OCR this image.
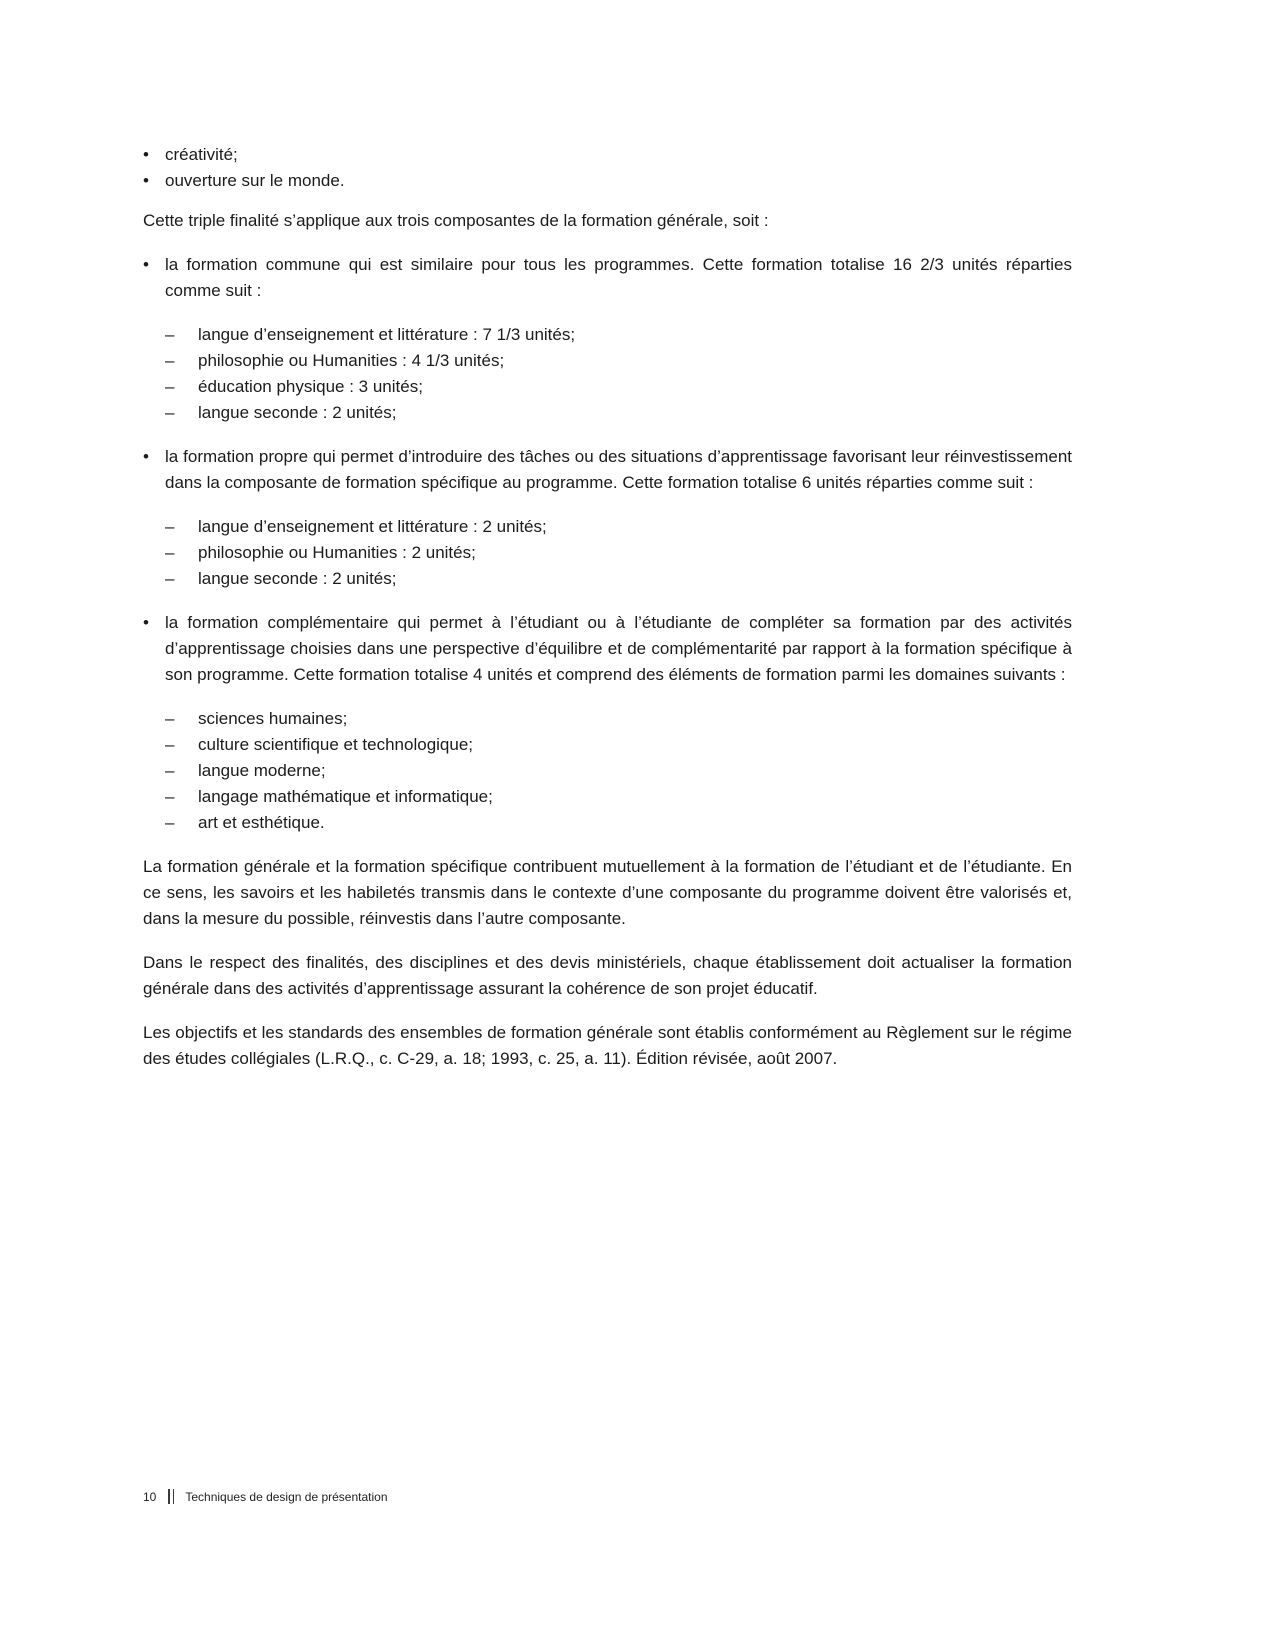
• créativité;
• ouverture sur le monde.

Cette triple finalité s’applique aux trois composantes de la formation générale, soit :

• la formation commune qui est similaire pour tous les programmes. Cette formation totalise 16 2/3 unités réparties comme suit :
–	langue d’enseignement et littérature : 7 1/3 unités;
–	philosophie ou Humanities : 4 1/3 unités;
–	éducation physique : 3 unités;
–	langue seconde : 2 unités;
• la formation propre qui permet d’introduire des tâches ou des situations d’apprentissage favorisant leur réinvestissement dans la composante de formation spécifique au programme. Cette formation totalise 6 unités réparties comme suit :
–	langue d’enseignement et littérature : 2 unités;
–	philosophie ou Humanities : 2 unités;
–	langue seconde : 2 unités;
• la formation complémentaire qui permet à l’étudiant ou à l’étudiante de compléter sa formation par des activités d’apprentissage choisies dans une perspective d’équilibre et de complémentarité par rapport à la formation spécifique à son programme. Cette formation totalise 4 unités et comprend des éléments de formation parmi les domaines suivants :
–	sciences humaines;
–	culture scientifique et technologique;
–	langue moderne;
–	langage mathématique et informatique;
–	art et esthétique.

La formation générale et la formation spécifique contribuent mutuellement à la formation de l’étudiant et de l’étudiante. En ce sens, les savoirs et les habiletés transmis dans le contexte d’une composante du programme doivent être valorisés et, dans la mesure du possible, réinvestis dans l’autre composante.

Dans le respect des finalités, des disciplines et des devis ministériels, chaque établissement doit actualiser la formation générale dans des activités d’apprentissage assurant la cohérence de son projet éducatif.

Les objectifs et les standards des ensembles de formation générale sont établis conformément au Règlement sur le régime des études collégiales (L.R.Q., c. C-29, a. 18; 1993, c. 25, a. 11). Édition révisée, août 2007.

10 Techniques de design de présentation
